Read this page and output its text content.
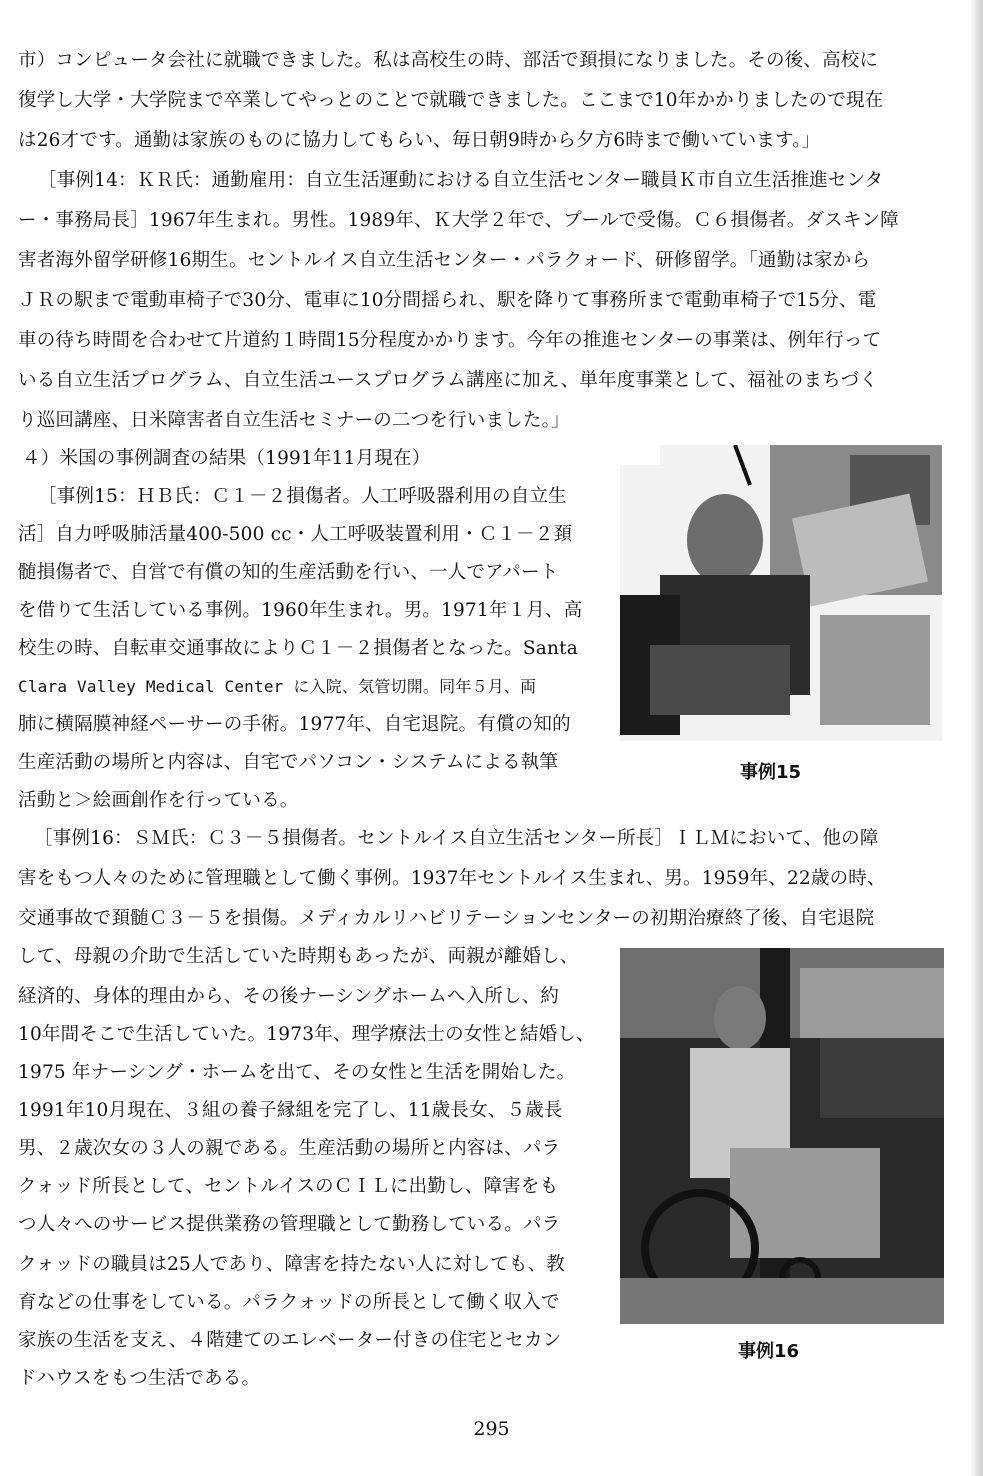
市）コンピュータ会社に就職できました。私は高校生の時、部活で頚損になりました。その後、高校に
復学し大学・大学院まで卒業してやっとのことで就職できました。ここまで10年かかりましたので現在
は26才です。通勤は家族のものに協力してもらい、毎日朝9時から夕方6時まで働いています。」
［事例14：ＫＲ氏：通勤雇用：自立生活運動における自立生活センター職員Ｋ市自立生活推進センタ
ー・事務局長］1967年生まれ。男性。1989年、Ｋ大学２年で、プールで受傷。Ｃ６損傷者。ダスキン障
害者海外留学研修16期生。セントルイス自立生活センター・パラクォード、研修留学。「通勤は家から
ＪＲの駅まで電動車椅子で30分、電車に10分間揺られ、駅を降りて事務所まで電動車椅子で15分、電
車の待ち時間を合わせて片道約１時間15分程度かかります。今年の推進センターの事業は、例年行って
いる自立生活プログラム、自立生活ユースプログラム講座に加え、単年度事業として、福祉のまちづく
り巡回講座、日米障害者自立生活セミナーの二つを行いました。」
４）米国の事例調査の結果（1991年11月現在）
［事例15：ＨＢ氏：Ｃ１－２損傷者。人工呼吸器利用の自立生
活］自力呼吸肺活量400-500 cc・人工呼吸装置利用・Ｃ１－２頚
髄損傷者で、自営で有償の知的生産活動を行い、一人でアパート
を借りて生活している事例。1960年生まれ。男。1971年１月、高
校生の時、自転車交通事故によりＣ１－２損傷者となった。Santa
Clara Valley Medical Center に入院、気管切開。同年５月、両
肺に横隔膜神経ペーサーの手術。1977年、自宅退院。有償の知的
生産活動の場所と内容は、自宅でパソコン・システムによる執筆
活動と＞絵画創作を行っている。
事例15
［事例16：ＳＭ氏：Ｃ３－５損傷者。セントルイス自立生活センター所長］ＩＬＭにおいて、他の障
害をもつ人々のために管理職として働く事例。1937年セントルイス生まれ、男。1959年、22歳の時、
交通事故で頚髄Ｃ３－５を損傷。メディカルリハビリテーションセンターの初期治療終了後、自宅退院
して、母親の介助で生活していた時期もあったが、両親が離婚し、
経済的、身体的理由から、その後ナーシングホームへ入所し、約
10年間そこで生活していた。1973年、理学療法士の女性と結婚し、
1975 年ナーシング・ホームを出て、その女性と生活を開始した。
1991年10月現在、３組の養子縁組を完了し、11歳長女、５歳長
男、２歳次女の３人の親である。生産活動の場所と内容は、パラ
クォッド所長として、セントルイスのＣＩＬに出勤し、障害をも
つ人々へのサービス提供業務の管理職として勤務している。パラ
クォッドの職員は25人であり、障害を持たない人に対しても、教
育などの仕事をしている。パラクォッドの所長として働く収入で
家族の生活を支え、４階建てのエレベーター付きの住宅とセカン
ドハウスをもつ生活である。
事例16
295
